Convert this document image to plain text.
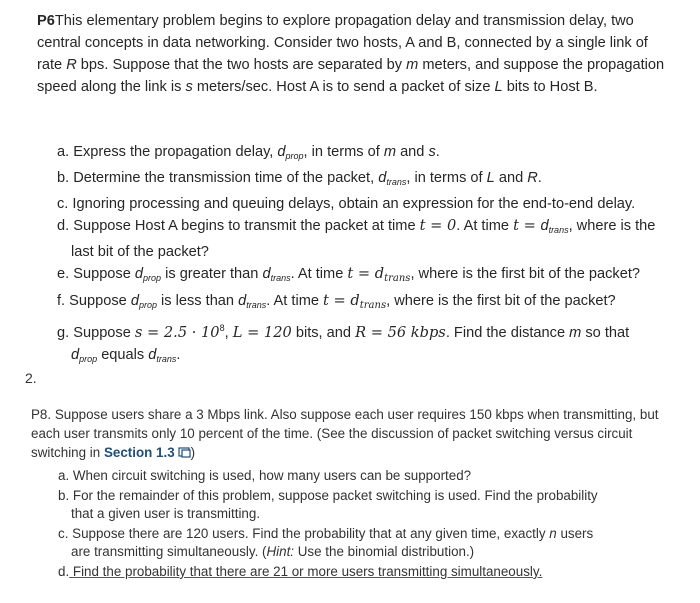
P6This elementary problem begins to explore propagation delay and transmission delay, two central concepts in data networking. Consider two hosts, A and B, connected by a single link of rate R bps. Suppose that the two hosts are separated by m meters, and suppose the propagation speed along the link is s meters/sec. Host A is to send a packet of size L bits to Host B.
a. Express the propagation delay, $d_{prop}$, in terms of m and s.
b. Determine the transmission time of the packet, $d_{trans}$, in terms of L and R.
c. Ignoring processing and queuing delays, obtain an expression for the end-to-end delay.
d. Suppose Host A begins to transmit the packet at time t = 0. At time $t = d_{trans}$, where is the
last bit of the packet?
e. Suppose $d_{prop}$ is greater than $d_{trans}$. At time $t = d_{trans}$, where is the first bit of the packet?
f. Suppose $d_{prop}$ is less than $d_{trans}$. At time $t = d_{trans}$, where is the first bit of the packet?
g. Suppose $s = 2.5 \cdot 10^8$, L = 120 bits, and R = 56 kbps. Find the distance m so that
$d_{prop}$ equals $d_{trans}$.
2.
P8. Suppose users share a 3 Mbps link. Also suppose each user requires 150 kbps when transmitting, but each user transmits only 10 percent of the time. (See the discussion of packet switching versus circuit switching in Section 1.3 )
a. When circuit switching is used, how many users can be supported?
b. For the remainder of this problem, suppose packet switching is used. Find the probability
that a given user is transmitting.
c. Suppose there are 120 users. Find the probability that at any given time, exactly n users
are transmitting simultaneously. (Hint: Use the binomial distribution.)
d. Find the probability that there are 21 or more users transmitting simultaneously.
